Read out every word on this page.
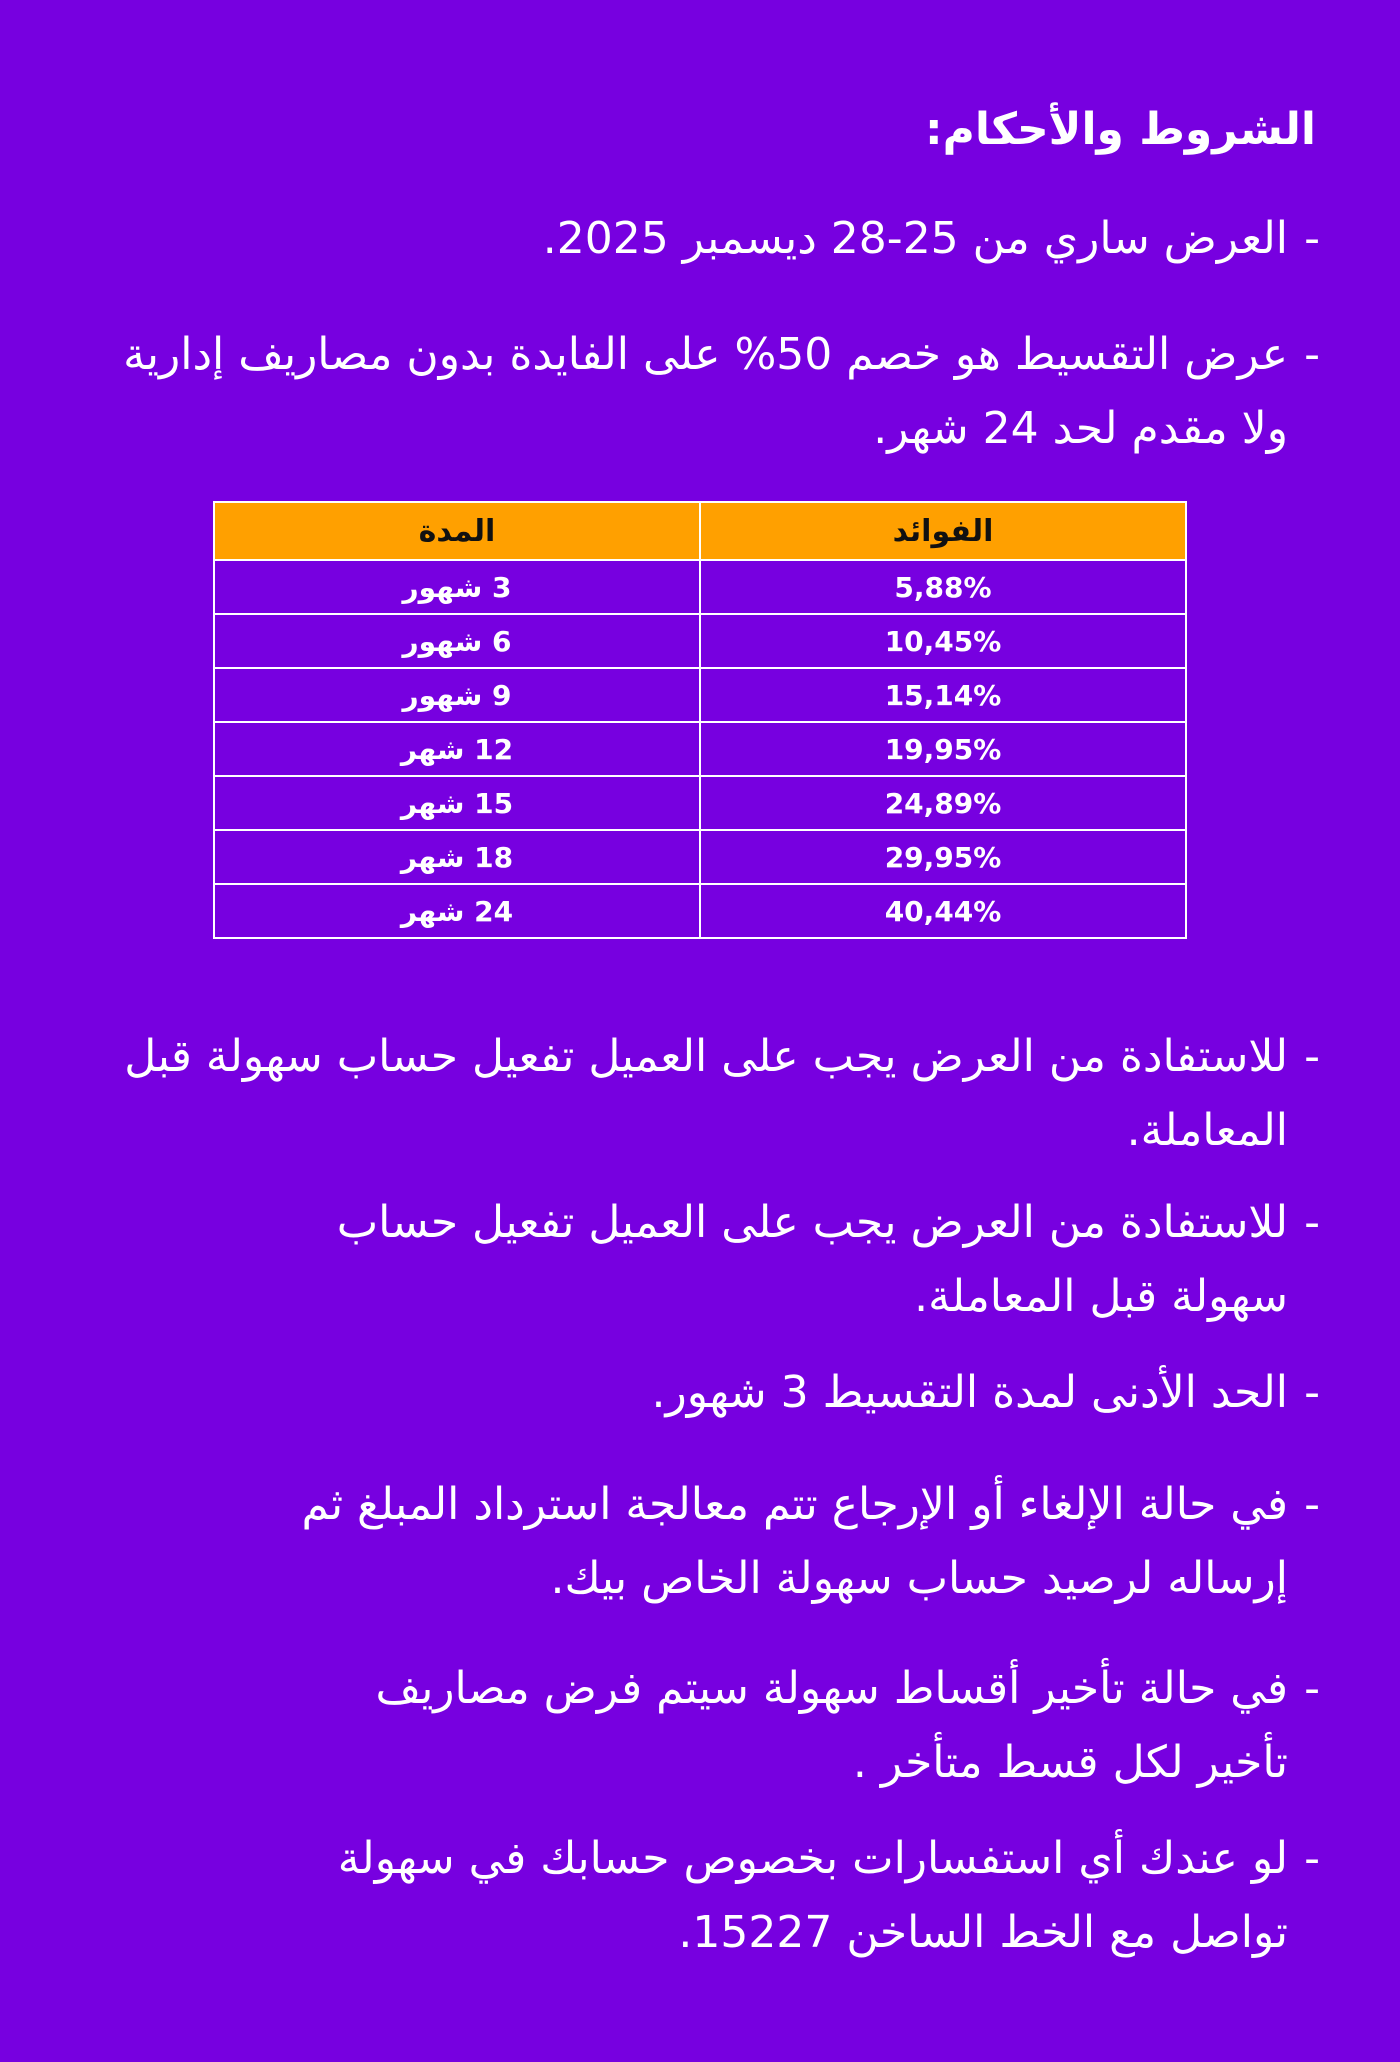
الشروط والأحكام:
-العرض ساري من 25-28 ديسمبر 2025.
-عرض التقسيط هو خصم 50% على الفايدة بدون مصاريف إدارية ولا مقدم لحد 24 شهر.
الفوائد	المدة
5,88%	3 شهور
10,45%	6 شهور
15,14%	9 شهور
19,95%	12 شهر
24,89%	15 شهر
29,95%	18 شهر
40,44%	24 شهر
-للاستفادة من العرض يجب على العميل تفعيل حساب سهولة قبل المعاملة.
-للاستفادة من العرض يجب على العميل تفعيل حساب سهولة قبل المعاملة.
-الحد الأدنى لمدة التقسيط 3 شهور.
-في حالة الإلغاء أو الإرجاع تتم معالجة استرداد المبلغ ثم إرساله لرصيد حساب سهولة الخاص بيك.
-في حالة تأخير أقساط سهولة سيتم فرض مصاريف تأخير لكل قسط متأخر .
-لو عندك أي استفسارات بخصوص حسابك في سهولة تواصل مع الخط الساخن 15227.
